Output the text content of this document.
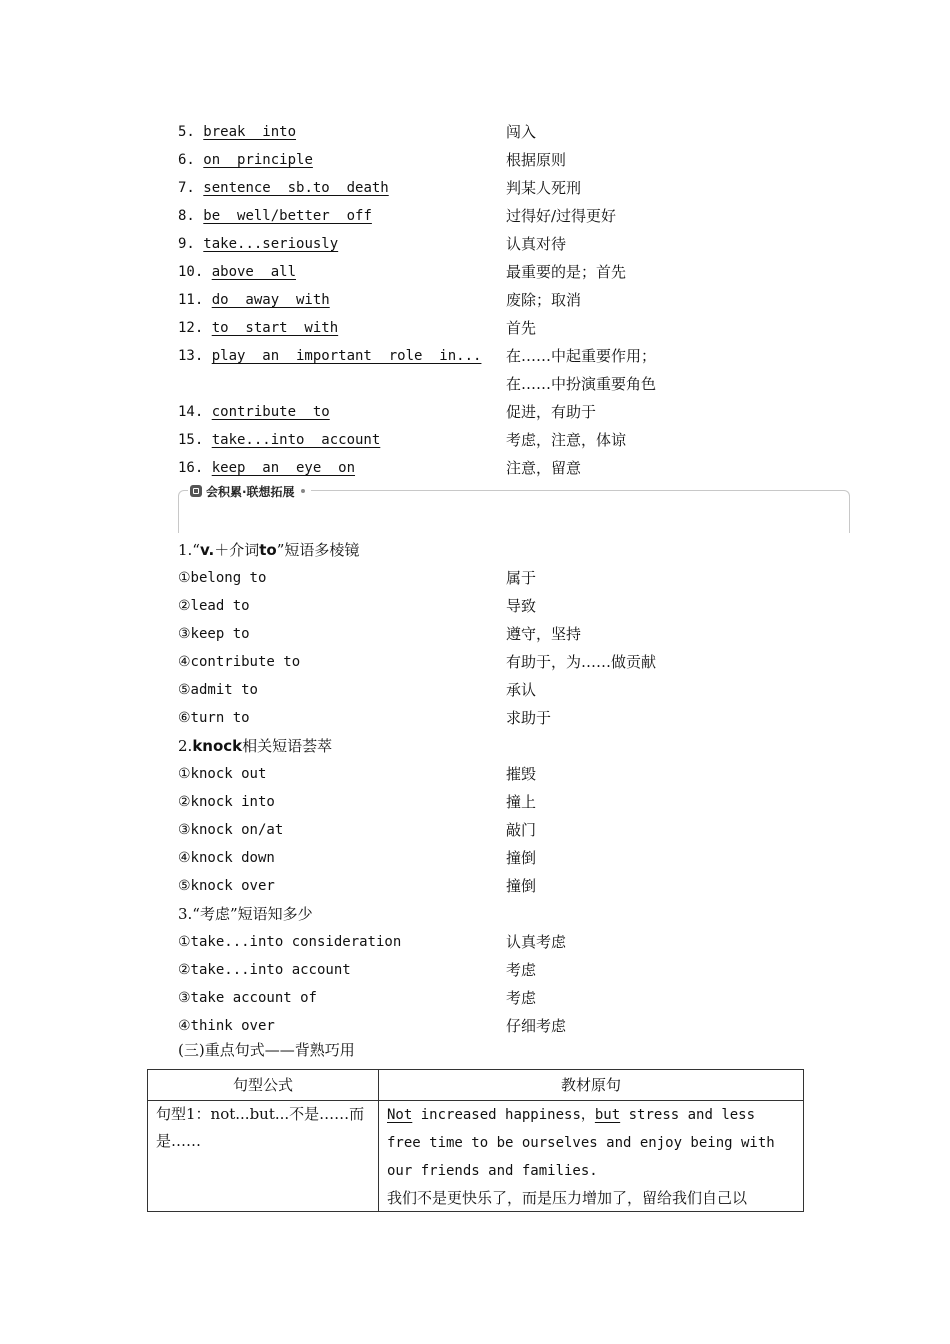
5. break  into	闯入
6. on  principle	根据原则
7. sentence  sb.to  death	判某人死刑
8. be  well/better  off	过得好/过得更好
9. take...seriously	认真对待
10. above  all	最重要的是；首先
11. do  away  with	废除；取消
12. to  start  with	首先
13. play  an  important  role  in... 在……中起重要作用；
在……中扮演重要角色
14. contribute  to	促进，有助于
15. take...into  account	考虑，注意，体谅
16. keep  an  eye  on	注意，留意
会积累·联想拓展
1.“v.＋介词to”短语多棱镜
①belong to	属于
②lead to	导致
③keep to	遵守，坚持
④contribute to	有助于，为……做贡献
⑤admit to	承认
⑥turn to	求助于
2.knock相关短语荟萃
①knock out	摧毁
②knock into	撞上
③knock on/at	敲门
④knock down	撞倒
⑤knock over	撞倒
3.“考虑”短语知多少
①take...into consideration	认真考虑
②take...into account	考虑
③take account of	考虑
④think over	仔细考虑
(三)重点句式——背熟巧用
句型公式	教材原句
句型1：not...but...不是……而是……	Not increased happiness，but stress and less free time to be ourselves and enjoy being with our friends and families.
我们不是更快乐了，而是压力增加了，留给我们自己以
